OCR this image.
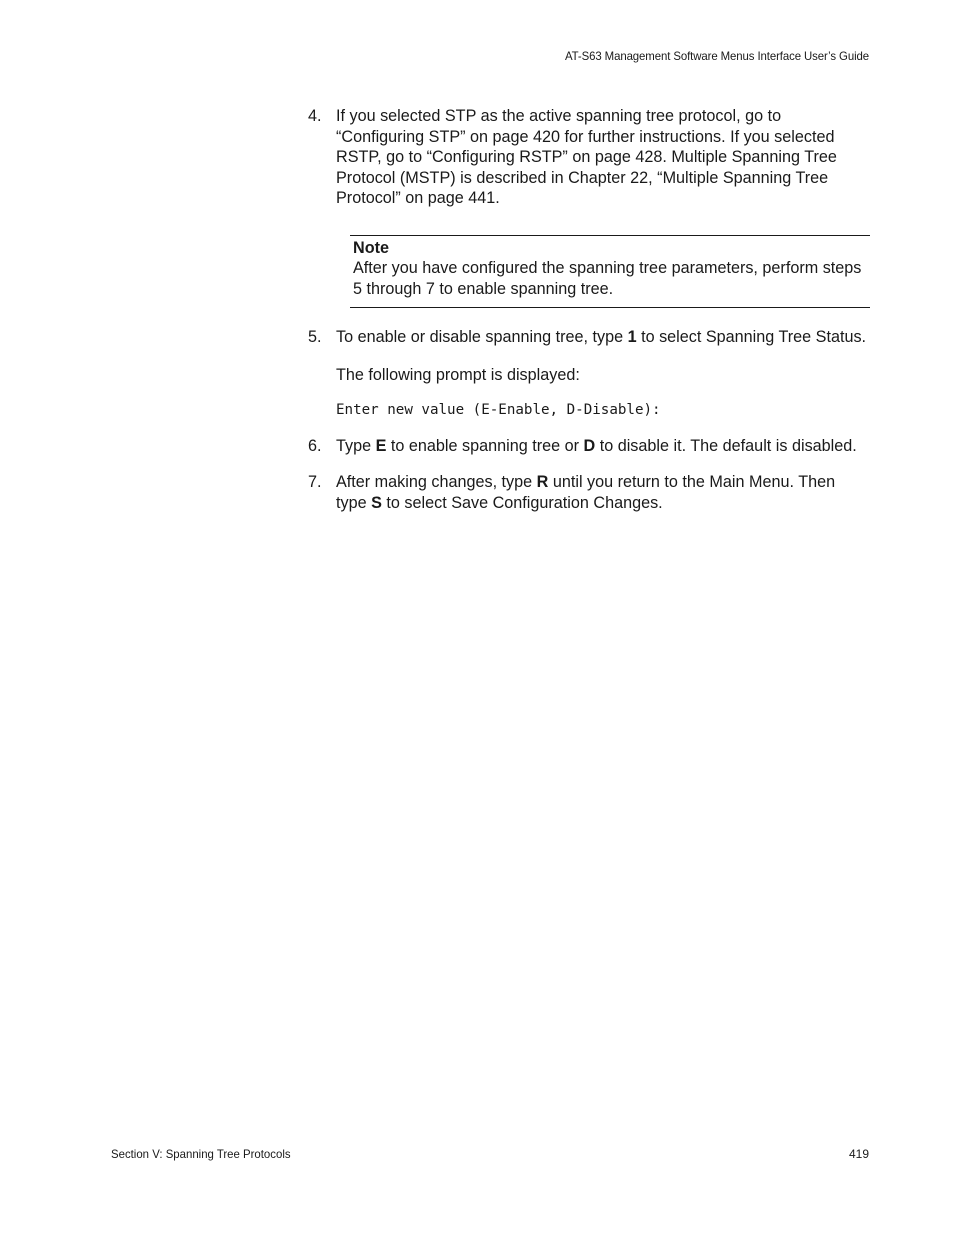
AT-S63 Management Software Menus Interface User’s Guide
4. If you selected STP as the active spanning tree protocol, go to “Configuring STP” on page 420 for further instructions. If you selected RSTP, go to “Configuring RSTP” on page 428. Multiple Spanning Tree Protocol (MSTP) is described in Chapter 22, “Multiple Spanning Tree Protocol” on page 441.
Note
After you have configured the spanning tree parameters, perform steps 5 through 7 to enable spanning tree.
5. To enable or disable spanning tree, type 1 to select Spanning Tree Status.
The following prompt is displayed:
Enter new value (E-Enable, D-Disable):
6. Type E to enable spanning tree or D to disable it. The default is disabled.
7. After making changes, type R until you return to the Main Menu. Then type S to select Save Configuration Changes.
Section V: Spanning Tree Protocols	419
